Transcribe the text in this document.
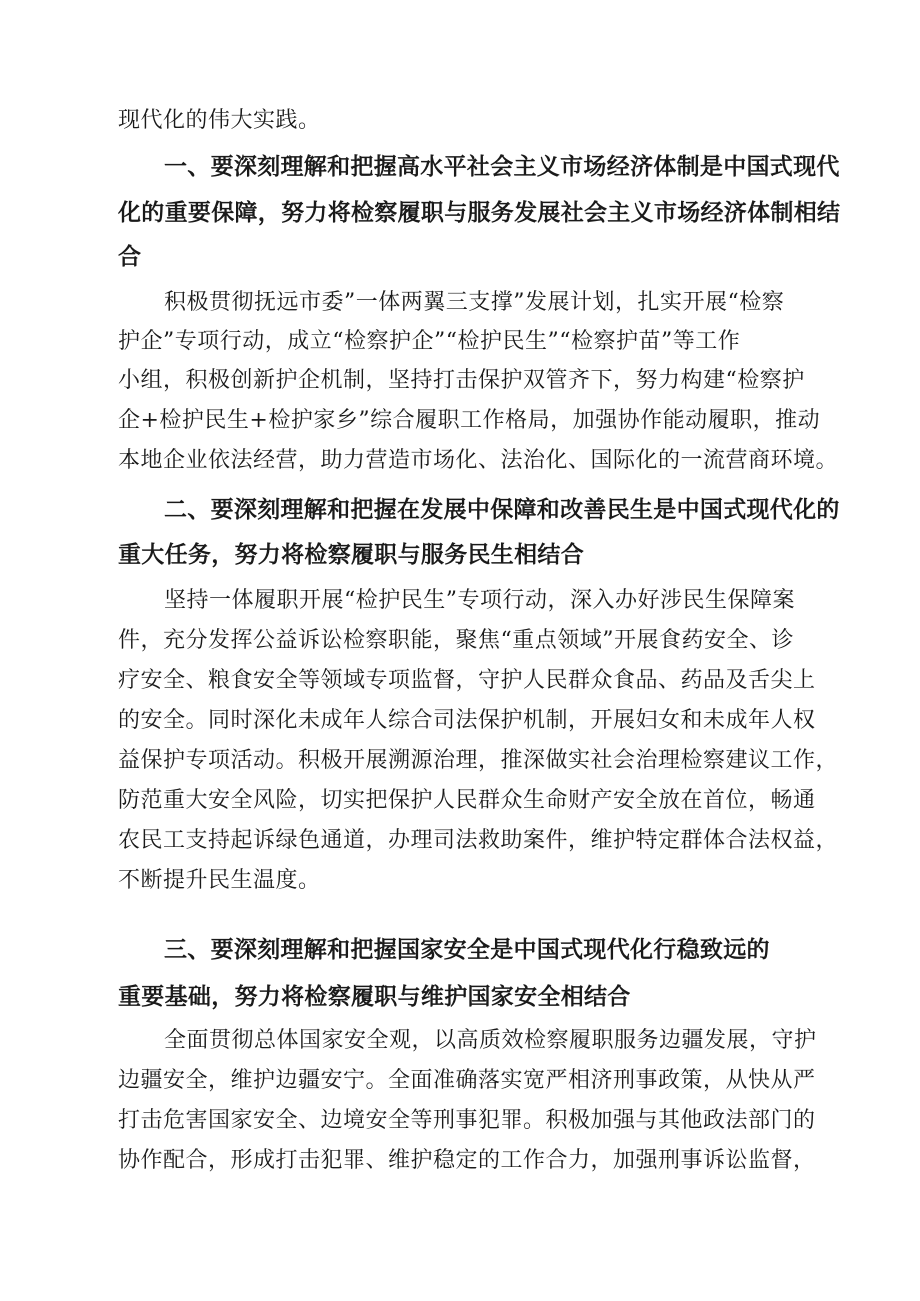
现代化的伟大实践。

一、要深刻理解和把握高水平社会主义市场经济体制是中国式现代

化的重要保障，努力将检察履职与服务发展社会主义市场经济体制相结

合

积极贯彻抚远市委”一体两翼三支撑”发展计划，扎实开展“检察

护企”专项行动，成立“检察护企”“检护民生”“检察护苗”等工作

小组，积极创新护企机制，坚持打击保护双管齐下，努力构建“检察护

企+检护民生+检护家乡”综合履职工作格局，加强协作能动履职，推动

本地企业依法经营，助力营造市场化、法治化、国际化的一流营商环境。

二、要深刻理解和把握在发展中保障和改善民生是中国式现代化的

重大任务，努力将检察履职与服务民生相结合

坚持一体履职开展“检护民生”专项行动，深入办好涉民生保障案

件，充分发挥公益诉讼检察职能，聚焦“重点领域”开展食药安全、诊

疗安全、粮食安全等领域专项监督，守护人民群众食品、药品及舌尖上

的安全。同时深化未成年人综合司法保护机制，开展妇女和未成年人权

益保护专项活动。积极开展溯源治理，推深做实社会治理检察建议工作，

防范重大安全风险，切实把保护人民群众生命财产安全放在首位，畅通

农民工支持起诉绿色通道，办理司法救助案件，维护特定群体合法权益，

不断提升民生温度。

三、要深刻理解和把握国家安全是中国式现代化行稳致远的

重要基础，努力将检察履职与维护国家安全相结合

全面贯彻总体国家安全观，以高质效检察履职服务边疆发展，守护

边疆安全，维护边疆安宁。全面准确落实宽严相济刑事政策，从快从严

打击危害国家安全、边境安全等刑事犯罪。积极加强与其他政法部门的

协作配合，形成打击犯罪、维护稳定的工作合力，加强刑事诉讼监督，
